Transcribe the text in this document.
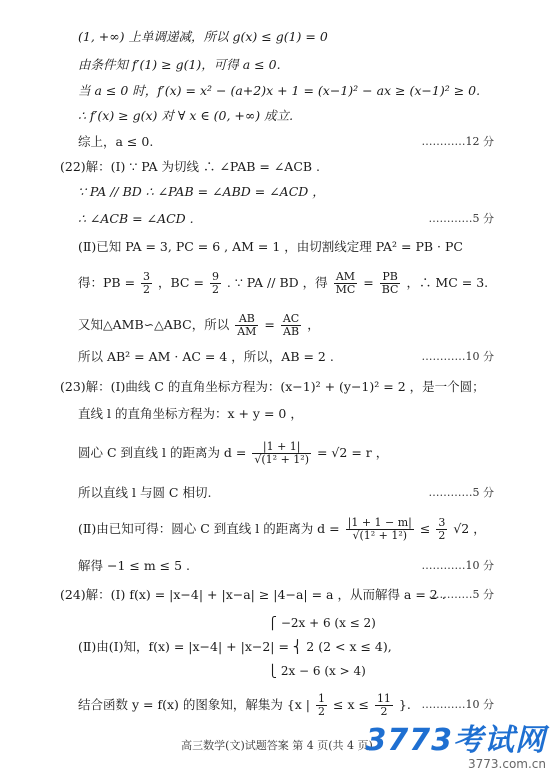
(1, +∞) 上单调递减，所以 g(x) ≤ g(1) = 0
由条件知 f′(1) ≥ g(1)，可得 a ≤ 0.
当 a ≤ 0 时，f′(x) = x² − (a+2)x + 1 = (x−1)² − ax ≥ (x−1)² ≥ 0.
∴ f′(x) ≥ g(x) 对 ∀ x ∈ (0, +∞) 成立.
综上，a ≤ 0.	…………12 分
(22)解：(Ⅰ) ∵ PA 为切线 ∴ ∠PAB = ∠ACB .
∵ PA // BD ∴ ∠PAB = ∠ABD = ∠ACD ，
∴ ∠ACB = ∠ACD .	…………5 分
(Ⅱ)已知 PA = 3, PC = 6 , AM = 1 ，由切割线定理 PA² = PB · PC
得：PB = $\frac{3}{2}$ ，BC = $\frac{9}{2}$ . ∵ PA // BD ，得 $\frac{AM}{MC} = \frac{PB}{BC}$ ，∴ MC = 3.
又知△AMB∽△ABC，所以 $\frac{AB}{AM} = \frac{AC}{AB}$ ，
所以 AB² = AM · AC = 4 ，所以，AB = 2 .	…………10 分
(23)解：(Ⅰ)曲线 C 的直角坐标方程为：(x−1)² + (y−1)² = 2 ，是一个圆；
直线 l 的直角坐标方程为：x + y = 0 ，
圆心 C 到直线 l 的距离为 $d = \frac{|1 + 1|}{\text{√(1² + 1²)}} = √2 = r$ ，
所以直线 l 与圆 C 相切.	…………5 分
(Ⅱ)由已知可得：圆心 C 到直线 l 的距离为 $d = \frac{|1 + 1 - m|}{\text{√(1² + 1²)}} \le \frac{3}{2} √2$ ，
解得 −1 ≤ m ≤ 5 .	…………10 分
(24)解：(Ⅰ) f(x) = |x−4| + |x−a| ≥ |4−a| = a ，从而解得 a = 2 .
…………5 分
⎧ −2x + 6 (x ≤ 2)
(Ⅱ)由(Ⅰ)知，f(x) = |x−4| + |x−2| = ⎨ 2 (2 < x ≤ 4),
⎩ 2x − 6 (x > 4)
结合函数 y = f(x) 的图象知，解集为 {x | $\frac{1}{2} \le x \le \frac{11}{2}$ }. …………10 分
高三数学(文)试题答案 第 4 页(共 4 页)
3773考试网
3773.com.cn
